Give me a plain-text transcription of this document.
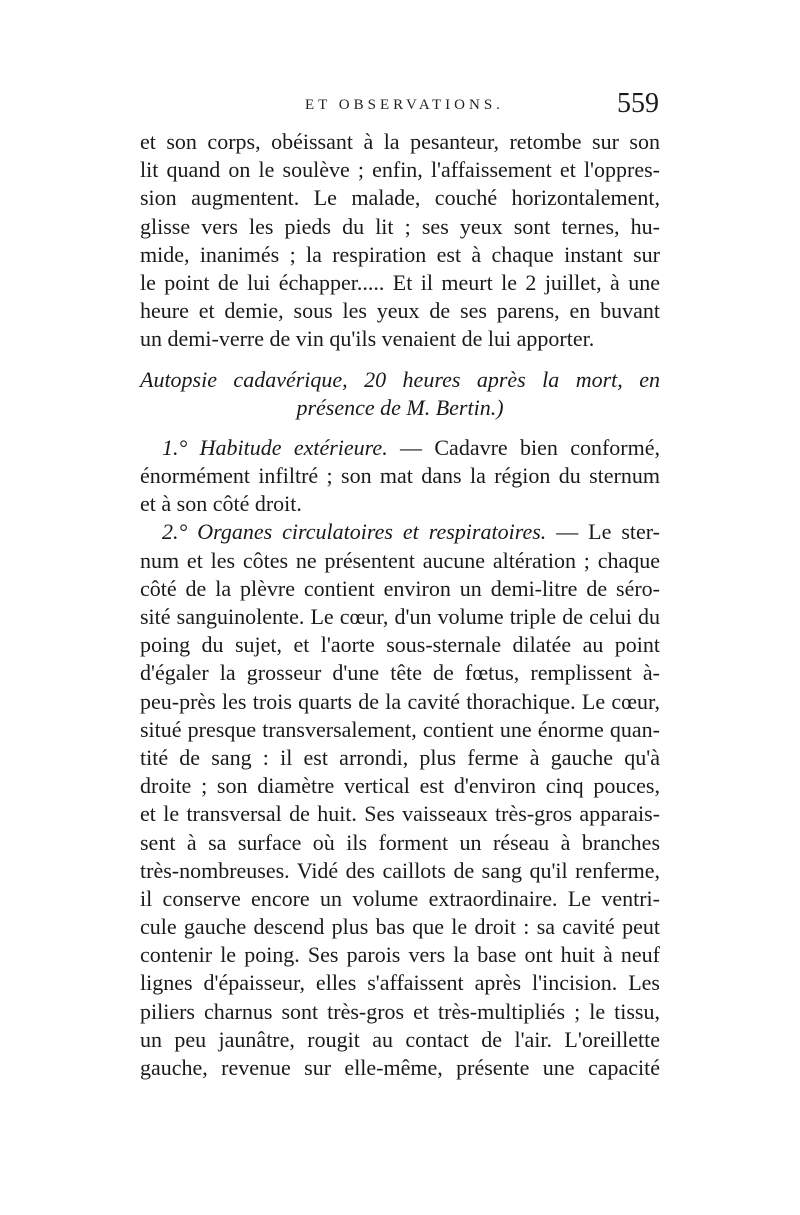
ET OBSERVATIONS.	559
et son corps, obéissant à la pesanteur, retombe sur son
lit quand on le soulève ; enfin, l'affaissement et l'oppres-
sion augmentent. Le malade, couché horizontalement,
glisse vers les pieds du lit ; ses yeux sont ternes, hu-
mide, inanimés ; la respiration est à chaque instant sur
le point de lui échapper..... Et il meurt le 2 juillet, à une
heure et demie, sous les yeux de ses parens, en buvant
un demi-verre de vin qu'ils venaient de lui apporter.
Autopsie cadavérique, 20 heures après la mort, en
présence de M. Bertin.)
1.° Habitude extérieure. — Cadavre bien conformé,
énormément infiltré ; son mat dans la région du sternum
et à son côté droit.
2.° Organes circulatoires et respiratoires. — Le ster-
num et les côtes ne présentent aucune altération ; chaque
côté de la plèvre contient environ un demi-litre de séro-
sité sanguinolente. Le cœur, d'un volume triple de celui du
poing du sujet, et l'aorte sous-sternale dilatée au point
d'égaler la grosseur d'une tête de fœtus, remplissent à-
peu-près les trois quarts de la cavité thorachique. Le cœur,
situé presque transversalement, contient une énorme quan-
tité de sang : il est arrondi, plus ferme à gauche qu'à
droite ; son diamètre vertical est d'environ cinq pouces,
et le transversal de huit. Ses vaisseaux très-gros apparais-
sent à sa surface où ils forment un réseau à branches
très-nombreuses. Vidé des caillots de sang qu'il renferme,
il conserve encore un volume extraordinaire. Le ventri-
cule gauche descend plus bas que le droit : sa cavité peut
contenir le poing. Ses parois vers la base ont huit à neuf
lignes d'épaisseur, elles s'affaissent après l'incision. Les
piliers charnus sont très-gros et très-multipliés ; le tissu,
un peu jaunâtre, rougit au contact de l'air. L'oreillette
gauche, revenue sur elle-même, présente une capacité
